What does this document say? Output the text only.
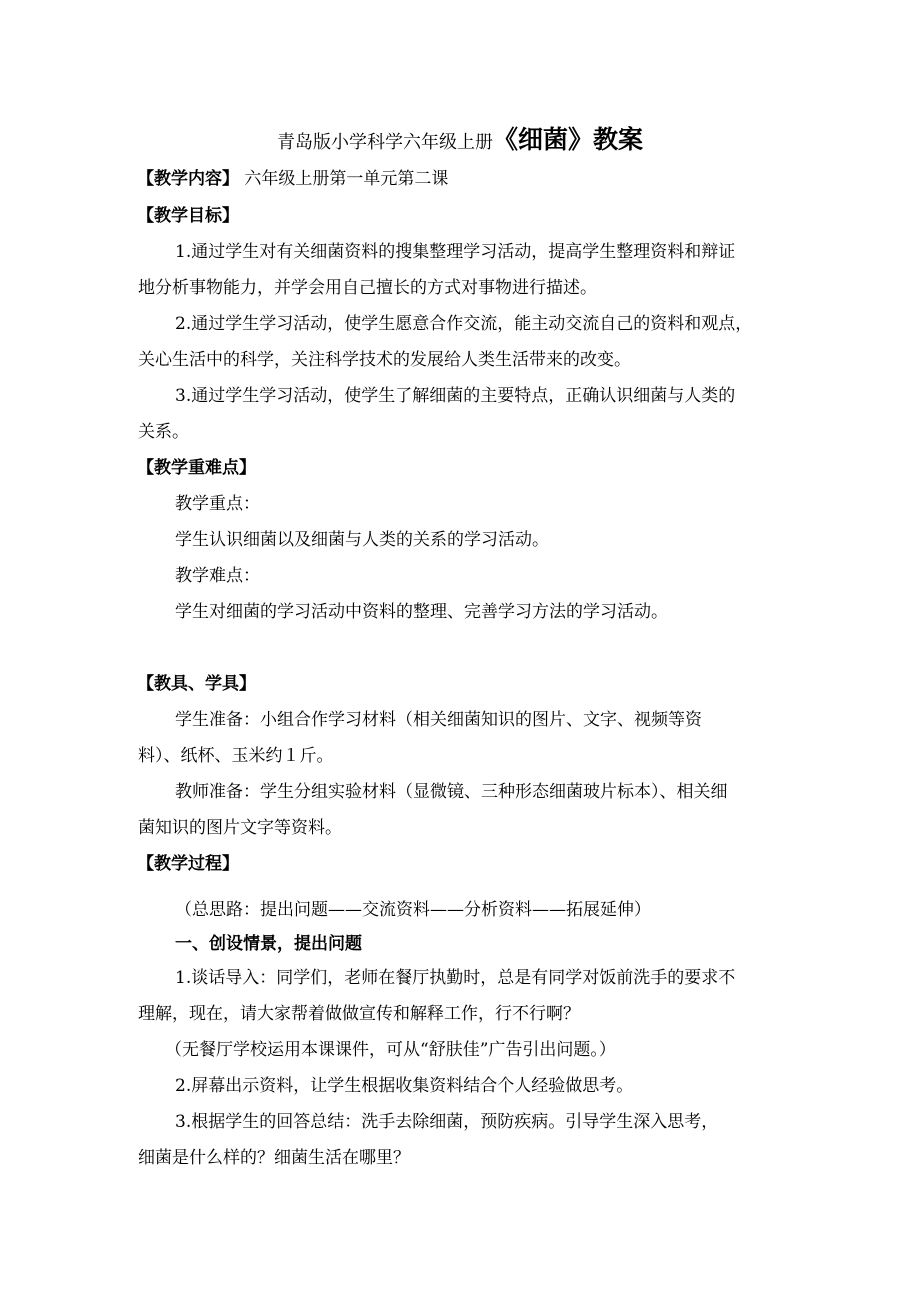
青岛版小学科学六年级上册《细菌》教案
【教学内容】 六年级上册第一单元第二课
【教学目标】
1.通过学生对有关细菌资料的搜集整理学习活动，提高学生整理资料和辩证
地分析事物能力，并学会用自己擅长的方式对事物进行描述。
2.通过学生学习活动，使学生愿意合作交流，能主动交流自己的资料和观点，
关心生活中的科学，关注科学技术的发展给人类生活带来的改变。
3.通过学生学习活动，使学生了解细菌的主要特点，正确认识细菌与人类的
关系。
【教学重难点】
教学重点：
学生认识细菌以及细菌与人类的关系的学习活动。
教学难点：
学生对细菌的学习活动中资料的整理、完善学习方法的学习活动。
【教具、学具】
学生准备：小组合作学习材料（相关细菌知识的图片、文字、视频等资
料）、纸杯、玉米约１斤。
教师准备：学生分组实验材料（显微镜、三种形态细菌玻片标本）、相关细
菌知识的图片文字等资料。
【教学过程】
（总思路：提出问题——交流资料——分析资料——拓展延伸）
一、创设情景，提出问题
1.谈话导入：同学们，老师在餐厅执勤时，总是有同学对饭前洗手的要求不
理解，现在，请大家帮着做做宣传和解释工作，行不行啊？
（无餐厅学校运用本课课件，可从“舒肤佳”广告引出问题。）
2.屏幕出示资料，让学生根据收集资料结合个人经验做思考。
3.根据学生的回答总结：洗手去除细菌，预防疾病。引导学生深入思考，
细菌是什么样的？细菌生活在哪里？
